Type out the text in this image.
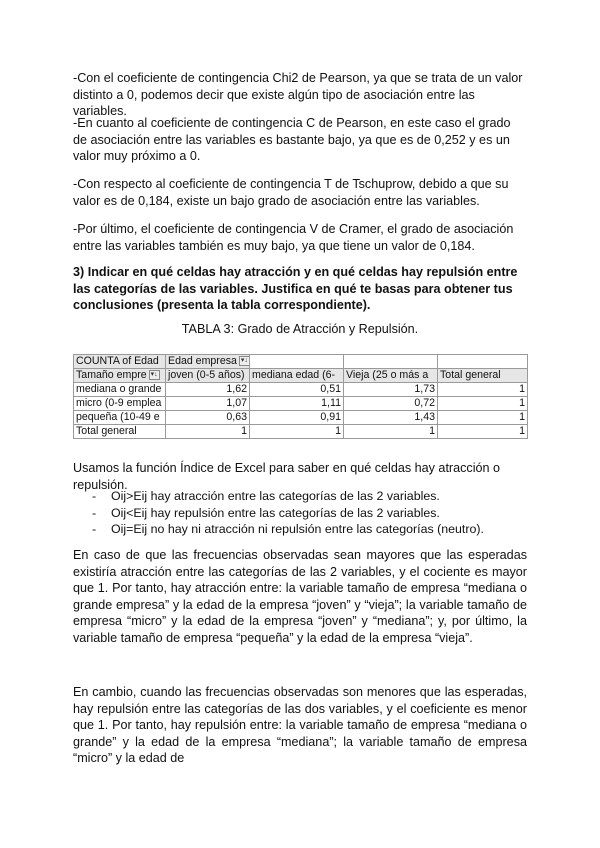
-Con el coeficiente de contingencia Chi2 de Pearson, ya que se trata de un valor distinto a 0, podemos decir que existe algún tipo de asociación entre las variables.

-En cuanto al coeficiente de contingencia C de Pearson, en este caso el grado de asociación entre las variables es bastante bajo, ya que es de 0,252 y es un valor muy próximo a 0.

-Con respecto al coeficiente de contingencia T de Tschuprow, debido a que su valor es de 0,184, existe un bajo grado de asociación entre las variables.

-Por último, el coeficiente de contingencia V de Cramer, el grado de asociación entre las variables también es muy bajo, ya que tiene un valor de 0,184.

3) Indicar en qué celdas hay atracción y en qué celdas hay repulsión entre las categorías de las variables. Justifica en qué te basas para obtener tus conclusiones (presenta la tabla correspondiente).

TABLA 3: Grado de Atracción y Repulsión.

COUNTA of Edad	Edad empresa ▾↓			
Tamaño empre ▾↓	joven (0-5 años)	mediana edad (6-	Vieja (25 o más a	Total general
mediana o grande	1,62	0,51	1,73	1
micro (0-9 emplea	1,07	1,11	0,72	1
pequeña (10-49 e	0,63	0,91	1,43	1
Total general	1	1	1	1

Usamos la función Índice de Excel para saber en qué celdas hay atracción o repulsión.

- Oij>Eij hay atracción entre las categorías de las 2 variables.
- Oij<Eij hay repulsión entre las categorías de las 2 variables.
- Oij=Eij no hay ni atracción ni repulsión entre las categorías (neutro).

En caso de que las frecuencias observadas sean mayores que las esperadas existiría atracción entre las categorías de las 2 variables, y el cociente es mayor que 1. Por tanto, hay atracción entre: la variable tamaño de empresa “mediana o grande empresa” y la edad de la empresa “joven” y “vieja”; la variable tamaño de empresa “micro” y la edad de la empresa “joven” y “mediana”; y, por último, la variable tamaño de empresa “pequeña” y la edad de la empresa “vieja”.

En cambio, cuando las frecuencias observadas son menores que las esperadas, hay repulsión entre las categorías de las dos variables, y el coeficiente es menor que 1. Por tanto, hay repulsión entre: la variable tamaño de empresa “mediana o grande” y la edad de la empresa “mediana”; la variable tamaño de empresa “micro” y la edad de
